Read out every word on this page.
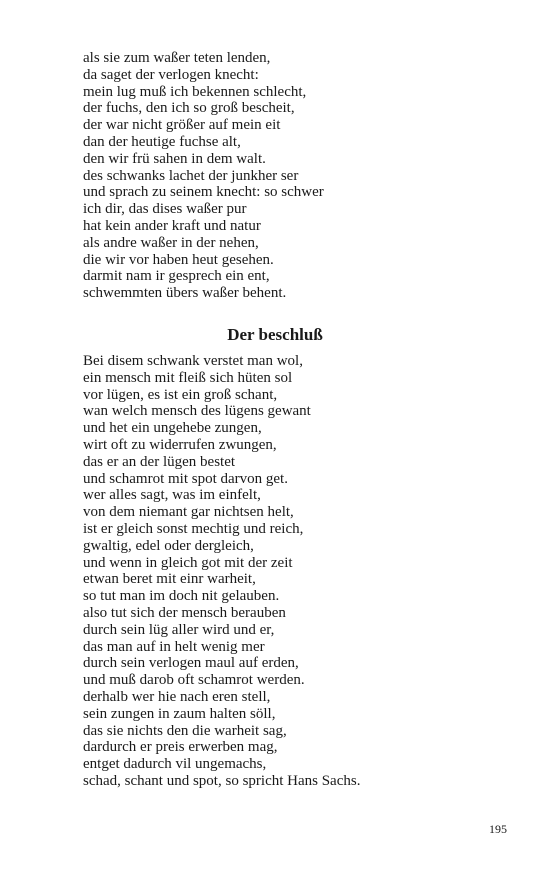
als sie zum waßer teten lenden,
da saget der verlogen knecht:
mein lug muß ich bekennen schlecht,
der fuchs, den ich so groß bescheit,
der war nicht größer auf mein eit
dan der heutige fuchse alt,
den wir frü sahen in dem walt.
des schwanks lachet der junkher ser
und sprach zu seinem knecht: so schwer
ich dir, das dises waßer pur
hat kein ander kraft und natur
als andre waßer in der nehen,
die wir vor haben heut gesehen.
darmit nam ir gesprech ein ent,
schwemmten übers waßer behent.
Der beschluß
Bei disem schwank verstet man wol,
ein mensch mit fleiß sich hüten sol
vor lügen, es ist ein groß schant,
wan welch mensch des lügens gewant
und het ein ungehebe zungen,
wirt oft zu widerrufen zwungen,
das er an der lügen bestet
und schamrot mit spot darvon get.
wer alles sagt, was im einfelt,
von dem niemant gar nichtsen helt,
ist er gleich sonst mechtig und reich,
gwaltig, edel oder dergleich,
und wenn in gleich got mit der zeit
etwan beret mit einr warheit,
so tut man im doch nit gelauben.
also tut sich der mensch berauben
durch sein lüg aller wird und er,
das man auf in helt wenig mer
durch sein verlogen maul auf erden,
und muß darob oft schamrot werden.
derhalb wer hie nach eren stell,
sein zungen in zaum halten söll,
das sie nichts den die warheit sag,
dardurch er preis erwerben mag,
entget dadurch vil ungemachs,
schad, schant und spot, so spricht Hans Sachs.
195
